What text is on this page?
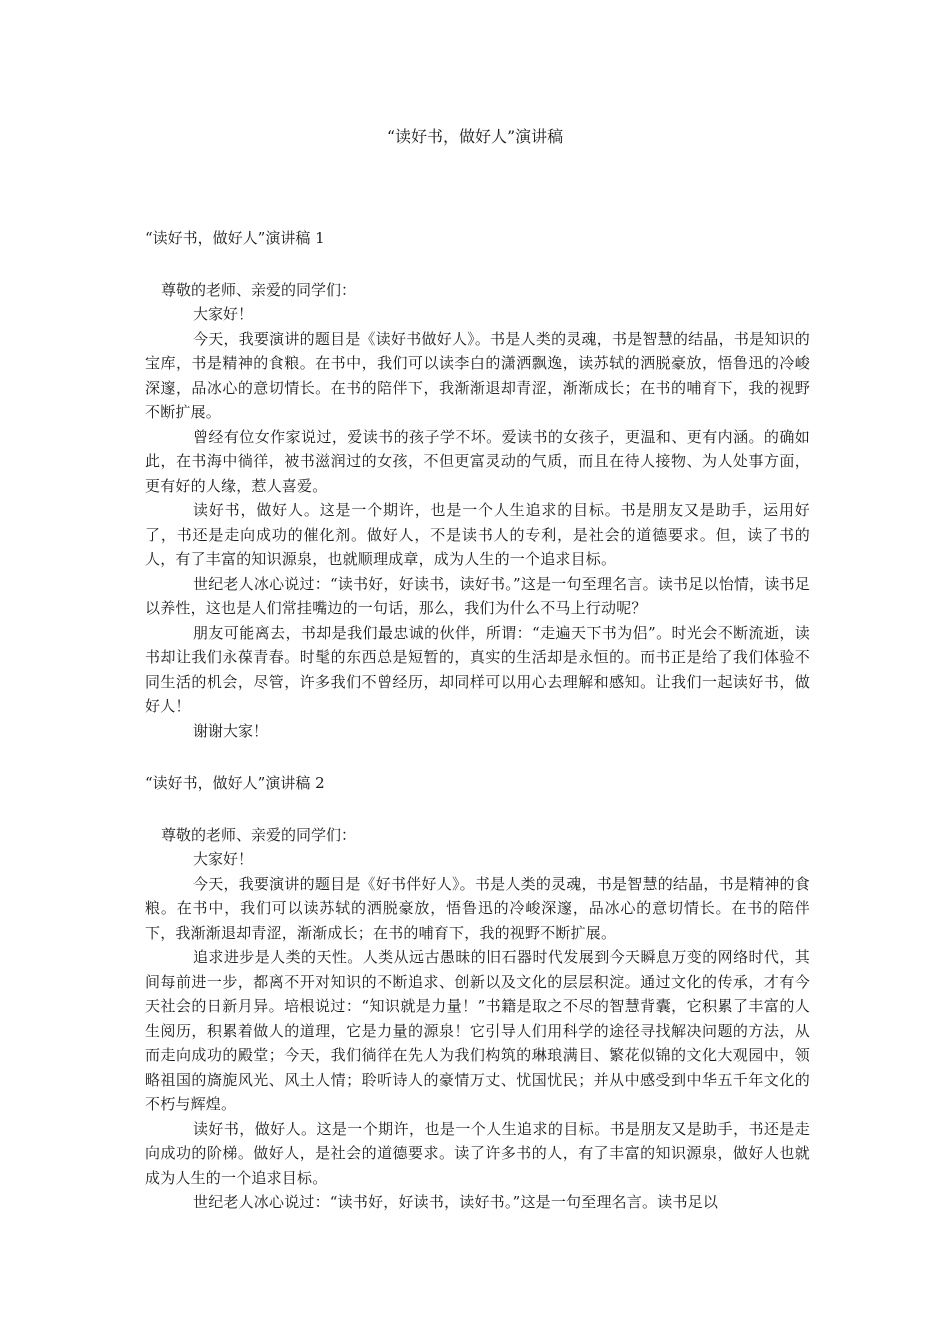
“读好书，做好人”演讲稿
“读好书，做好人”演讲稿 1

尊敬的老师、亲爱的同学们：

大家好！

今天，我要演讲的题目是《读好书做好人》。书是人类的灵魂，书是智慧的结晶，书是知识的宝库，书是精神的食粮。在书中，我们可以读李白的潇洒飘逸，读苏轼的洒脱豪放，悟鲁迅的冷峻深邃，品冰心的意切情长。在书的陪伴下，我渐渐退却青涩，渐渐成长；在书的哺育下，我的视野不断扩展。

曾经有位女作家说过，爱读书的孩子学不坏。爱读书的女孩子，更温和、更有内涵。的确如此，在书海中徜徉，被书滋润过的女孩，不但更富灵动的气质，而且在待人接物、为人处事方面，更有好的人缘，惹人喜爱。

读好书，做好人。这是一个期许，也是一个人生追求的目标。书是朋友又是助手，运用好了，书还是走向成功的催化剂。做好人，不是读书人的专利，是社会的道德要求。但，读了书的人，有了丰富的知识源泉，也就顺理成章，成为人生的一个追求目标。

世纪老人冰心说过：“读书好，好读书，读好书。”这是一句至理名言。读书足以怡情，读书足以养性，这也是人们常挂嘴边的一句话，那么，我们为什么不马上行动呢？

朋友可能离去，书却是我们最忠诚的伙伴，所谓：“走遍天下书为侣”。时光会不断流逝，读书却让我们永葆青春。时髦的东西总是短暂的，真实的生活却是永恒的。而书正是给了我们体验不同生活的机会，尽管，许多我们不曾经历，却同样可以用心去理解和感知。让我们一起读好书，做好人！

谢谢大家！

“读好书，做好人”演讲稿 2

尊敬的老师、亲爱的同学们：

大家好！

今天，我要演讲的题目是《好书伴好人》。书是人类的灵魂，书是智慧的结晶，书是精神的食粮。在书中，我们可以读苏轼的洒脱豪放，悟鲁迅的冷峻深邃，品冰心的意切情长。在书的陪伴下，我渐渐退却青涩，渐渐成长；在书的哺育下，我的视野不断扩展。

追求进步是人类的天性。人类从远古愚昧的旧石器时代发展到今天瞬息万变的网络时代，其间每前进一步，都离不开对知识的不断追求、创新以及文化的层层积淀。通过文化的传承，才有今天社会的日新月异。培根说过：“知识就是力量！”书籍是取之不尽的智慧背囊，它积累了丰富的人生阅历，积累着做人的道理，它是力量的源泉！它引导人们用科学的途径寻找解决问题的方法，从而走向成功的殿堂；今天，我们徜徉在先人为我们构筑的琳琅满目、繁花似锦的文化大观园中，领略祖国的旖旎风光、风土人情；聆听诗人的豪情万丈、忧国忧民；并从中感受到中华五千年文化的不朽与辉煌。

读好书，做好人。这是一个期许，也是一个人生追求的目标。书是朋友又是助手，书还是走向成功的阶梯。做好人，是社会的道德要求。读了许多书的人，有了丰富的知识源泉，做好人也就成为人生的一个追求目标。

世纪老人冰心说过：“读书好，好读书，读好书。”这是一句至理名言。读书足以
